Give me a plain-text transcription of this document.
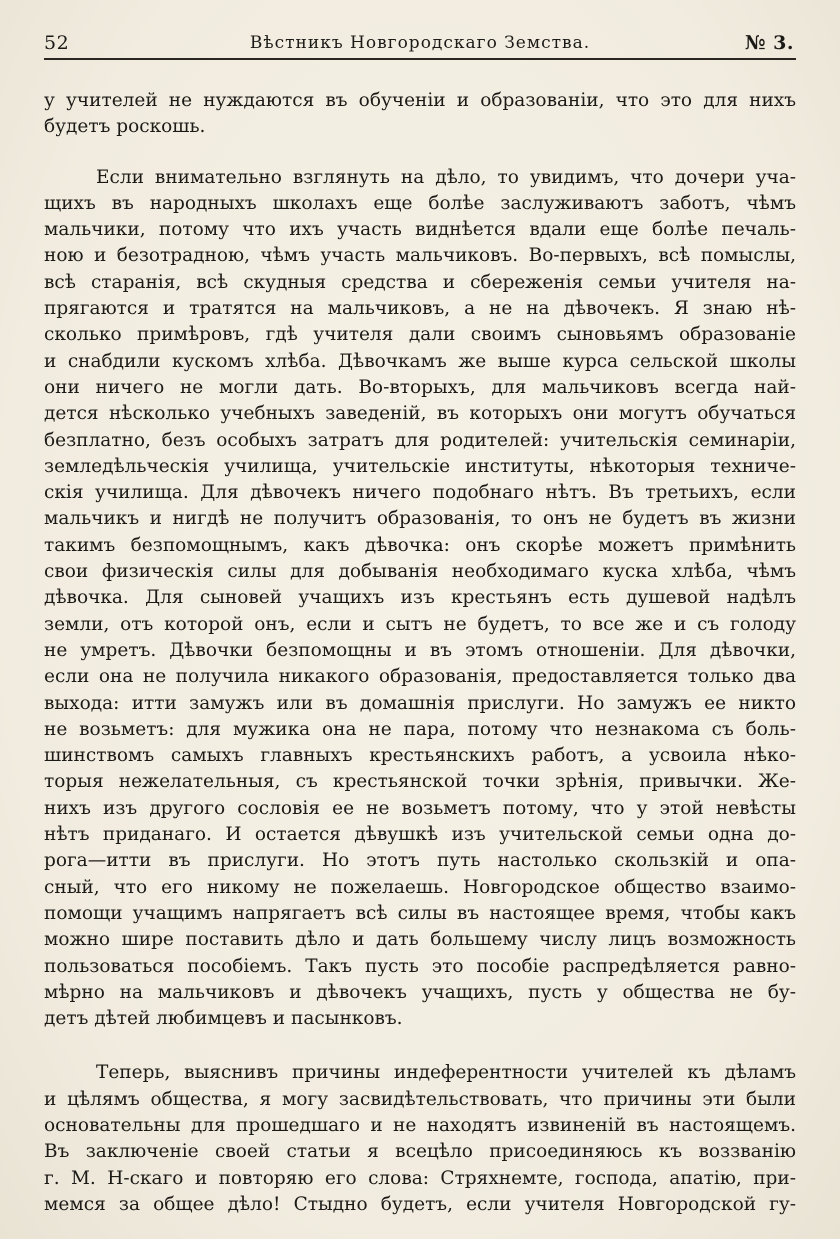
52	Вѣстникъ Новгородскаго Земства.	№ 3.
у учителей не нуждаются въ обученіи и образованіи, что это для нихъ
будетъ роскошь.
Если внимательно взглянуть на дѣло, то увидимъ, что дочери уча-
щихъ въ народныхъ школахъ еще болѣе заслуживаютъ заботъ, чѣмъ
мальчики, потому что ихъ участь виднѣется вдали еще болѣе печаль-
ною и безотрадною, чѣмъ участь мальчиковъ. Во-первыхъ, всѣ помыслы,
всѣ старанія, всѣ скудныя средства и сбереженія семьи учителя на-
прягаются и тратятся на мальчиковъ, а не на дѣвочекъ. Я знаю нѣ-
сколько примѣровъ, гдѣ учителя дали своимъ сыновьямъ образованіе
и снабдили кускомъ хлѣба. Дѣвочкамъ же выше курса сельской школы
они ничего не могли дать. Во-вторыхъ, для мальчиковъ всегда най-
дется нѣсколько учебныхъ заведеній, въ которыхъ они могутъ обучаться
безплатно, безъ особыхъ затратъ для родителей: учительскія семинаріи,
земледѣльческія училища, учительскіе институты, нѣкоторыя техниче-
скія училища. Для дѣвочекъ ничего подобнаго нѣтъ. Въ третьихъ, если
мальчикъ и нигдѣ не получитъ образованія, то онъ не будетъ въ жизни
такимъ безпомощнымъ, какъ дѣвочка: онъ скорѣе можетъ примѣнить
свои физическія силы для добыванія необходимаго куска хлѣба, чѣмъ
дѣвочка. Для сыновей учащихъ изъ крестьянъ есть душевой надѣлъ
земли, отъ которой онъ, если и сытъ не будетъ, то все же и съ голоду
не умретъ. Дѣвочки безпомощны и въ этомъ отношеніи. Для дѣвочки,
если она не получила никакого образованія, предоставляется только два
выхода: итти замужъ или въ домашнія прислуги. Но замужъ ее никто
не возьметъ: для мужика она не пара, потому что незнакома съ боль-
шинствомъ самыхъ главныхъ крестьянскихъ работъ, а усвоила нѣко-
торыя нежелательныя, съ крестьянской точки зрѣнія, привычки. Же-
нихъ изъ другого сословія ее не возьметъ потому, что у этой невѣсты
нѣтъ приданаго. И остается дѣвушкѣ изъ учительской семьи одна до-
рога—итти въ прислуги. Но этотъ путь настолько скользкій и опа-
сный, что его никому не пожелаешь. Новгородское общество взаимо-
помощи учащимъ напрягаетъ всѣ силы въ настоящее время, чтобы какъ
можно шире поставить дѣло и дать большему числу лицъ возможность
пользоваться пособіемъ. Такъ пусть это пособіе распредѣляется равно-
мѣрно на мальчиковъ и дѣвочекъ учащихъ, пусть у общества не бу-
детъ дѣтей любимцевъ и пасынковъ.
Теперь, выяснивъ причины индеферентности учителей къ дѣламъ
и цѣлямъ общества, я могу засвидѣтельствовать, что причины эти были
основательны для прошедшаго и не находятъ извиненій въ настоящемъ.
Въ заключеніе своей статьи я всецѣло присоединяюсь къ воззванію
г. М. Н-скаго и повторяю его слова: Стряхнемте, господа, апатію, при-
мемся за общее дѣло! Стыдно будетъ, если учителя Новгородской гу-
